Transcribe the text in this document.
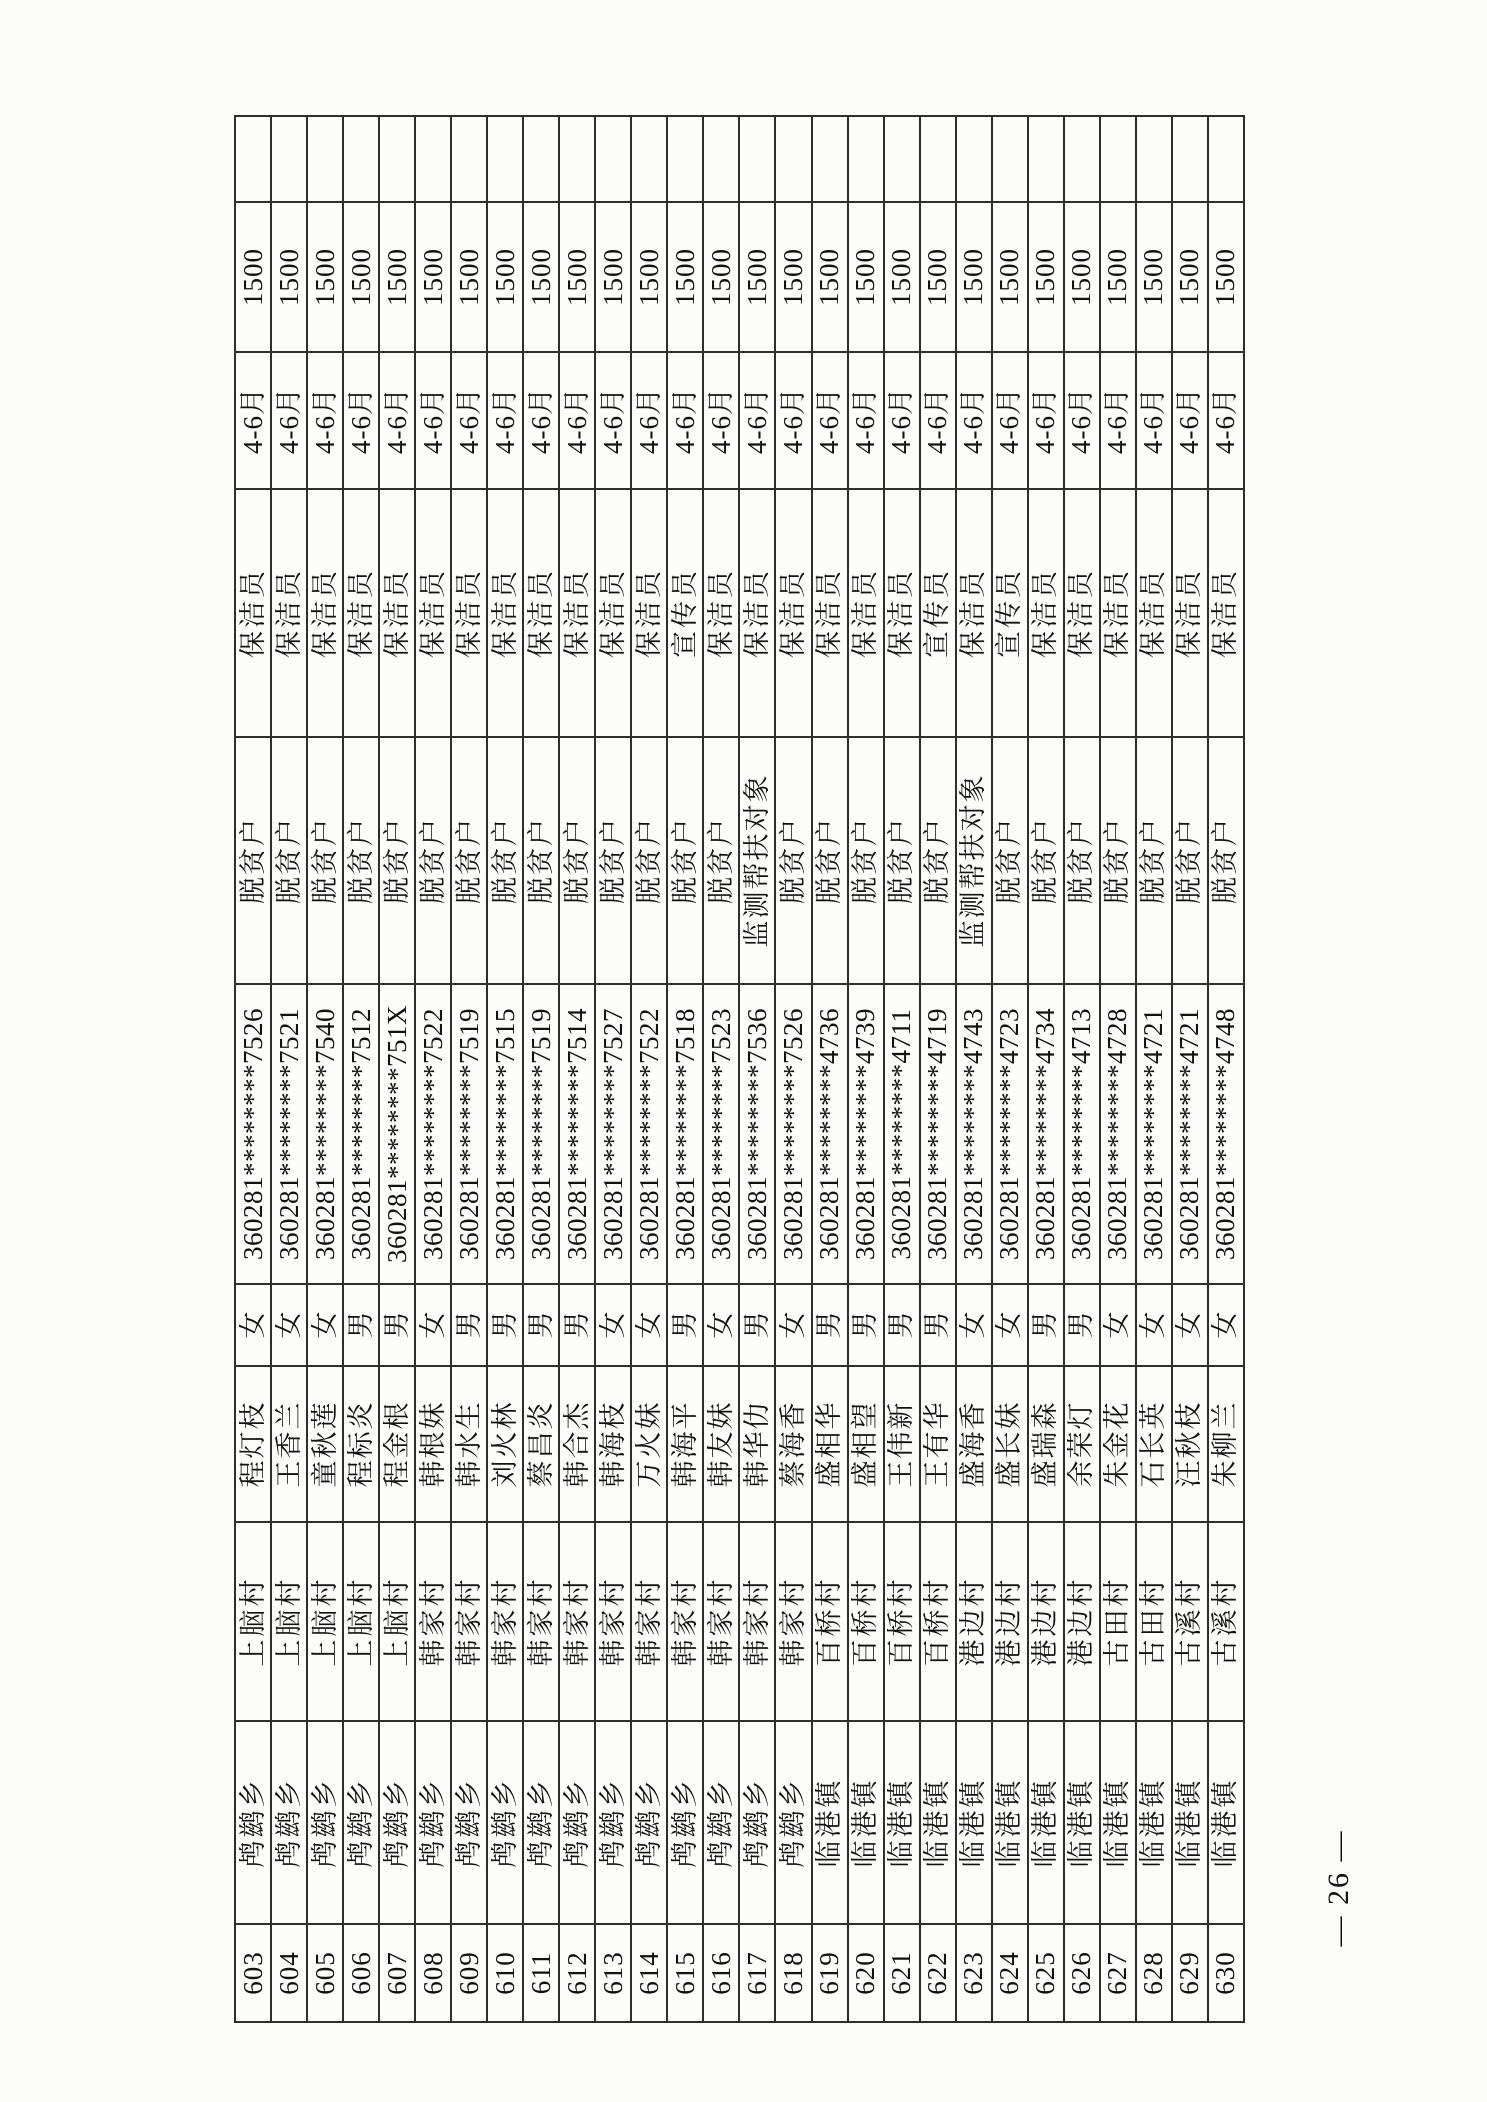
603	鸬鹚乡	上脑村	程灯枝	女	360281********7526	脱贫户	保洁员	4-6月	1500	
604	鸬鹚乡	上脑村	王香兰	女	360281********7521	脱贫户	保洁员	4-6月	1500	
605	鸬鹚乡	上脑村	童秋莲	女	360281********7540	脱贫户	保洁员	4-6月	1500	
606	鸬鹚乡	上脑村	程标炎	男	360281********7512	脱贫户	保洁员	4-6月	1500	
607	鸬鹚乡	上脑村	程金根	男	360281********751X	脱贫户	保洁员	4-6月	1500	
608	鸬鹚乡	韩家村	韩根妹	女	360281********7522	脱贫户	保洁员	4-6月	1500	
609	鸬鹚乡	韩家村	韩水生	男	360281********7519	脱贫户	保洁员	4-6月	1500	
610	鸬鹚乡	韩家村	刘火林	男	360281********7515	脱贫户	保洁员	4-6月	1500	
611	鸬鹚乡	韩家村	蔡昌炎	男	360281********7519	脱贫户	保洁员	4-6月	1500	
612	鸬鹚乡	韩家村	韩合杰	男	360281********7514	脱贫户	保洁员	4-6月	1500	
613	鸬鹚乡	韩家村	韩海枝	女	360281********7527	脱贫户	保洁员	4-6月	1500	
614	鸬鹚乡	韩家村	万火妹	女	360281********7522	脱贫户	保洁员	4-6月	1500	
615	鸬鹚乡	韩家村	韩海平	男	360281********7518	脱贫户	宣传员	4-6月	1500	
616	鸬鹚乡	韩家村	韩友妹	女	360281********7523	脱贫户	保洁员	4-6月	1500	
617	鸬鹚乡	韩家村	韩华仂	男	360281********7536	监测帮扶对象	保洁员	4-6月	1500	
618	鸬鹚乡	韩家村	蔡海香	女	360281********7526	脱贫户	保洁员	4-6月	1500	
619	临港镇	百桥村	盛相华	男	360281********4736	脱贫户	保洁员	4-6月	1500	
620	临港镇	百桥村	盛相望	男	360281********4739	脱贫户	保洁员	4-6月	1500	
621	临港镇	百桥村	王伟新	男	360281********4711	脱贫户	保洁员	4-6月	1500	
622	临港镇	百桥村	王有华	男	360281********4719	脱贫户	宣传员	4-6月	1500	
623	临港镇	港边村	盛海香	女	360281********4743	监测帮扶对象	保洁员	4-6月	1500	
624	临港镇	港边村	盛长妹	女	360281********4723	脱贫户	宣传员	4-6月	1500	
625	临港镇	港边村	盛瑞森	男	360281********4734	脱贫户	保洁员	4-6月	1500	
626	临港镇	港边村	余荣灯	男	360281********4713	脱贫户	保洁员	4-6月	1500	
627	临港镇	古田村	朱金花	女	360281********4728	脱贫户	保洁员	4-6月	1500	
628	临港镇	古田村	石长英	女	360281********4721	脱贫户	保洁员	4-6月	1500	
629	临港镇	古溪村	汪秋枝	女	360281********4721	脱贫户	保洁员	4-6月	1500	
630	临港镇	古溪村	朱柳兰	女	360281********4748	脱贫户	保洁员	4-6月	1500	
— 26 —
